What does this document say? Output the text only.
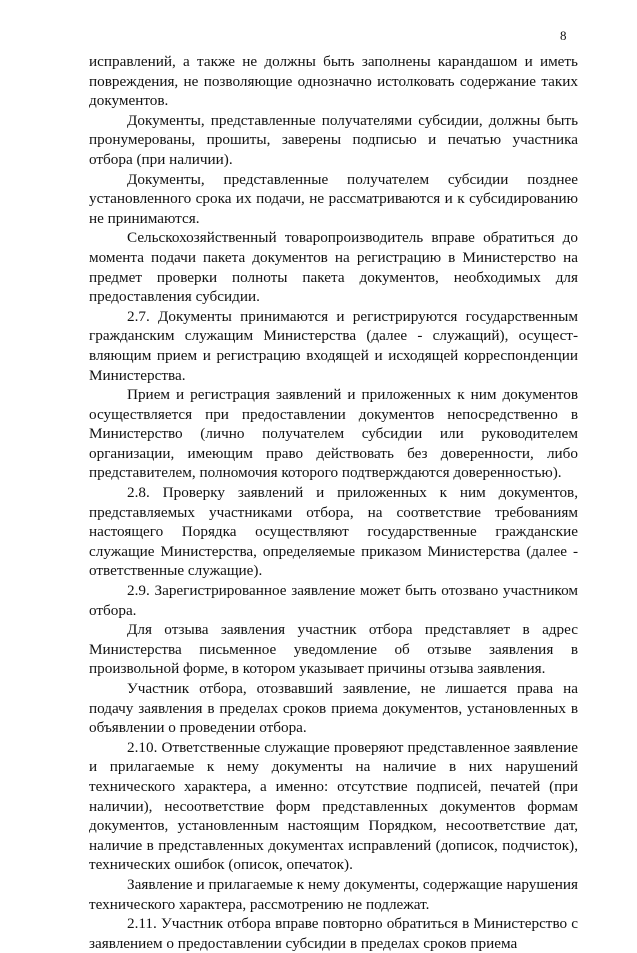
8

исправлений, а также не должны быть заполнены карандашом и иметь повреждения, не позволяющие однозначно истолковать содержание таких документов.

Документы, представленные получателями субсидии, должны быть пронумерованы, прошиты, заверены подписью и печатью участника отбора (при наличии).

Документы, представленные получателем субсидии позднее установленного срока их подачи, не рассматриваются и к субсидированию не принимаются.

Сельскохозяйственный товаропроизводитель вправе обратиться до момента подачи пакета документов на регистрацию в Министерство на предмет проверки полноты пакета документов, необходимых для предоставления субсидии.

2.7. Документы принимаются и регистрируются государственным гражданским служащим Министерства (далее - служащий), осущест-вляющим прием и регистрацию входящей и исходящей корреспонденции Министерства.

Прием и регистрация заявлений и приложенных к ним документов осуществляется при предоставлении документов непосредственно в Министерство (лично получателем субсидии или руководителем организации, имеющим право действовать без доверенности, либо представителем, полномочия которого подтверждаются доверенностью).

2.8. Проверку заявлений и приложенных к ним документов, представляемых участниками отбора, на соответствие требованиям настоящего Порядка осуществляют государственные гражданские служащие Министерства, определяемые приказом Министерства (далее - ответственные служащие).

2.9. Зарегистрированное заявление может быть отозвано участником отбора.

Для отзыва заявления участник отбора представляет в адрес Министерства письменное уведомление об отзыве заявления в произвольной форме, в котором указывает причины отзыва заявления.

Участник отбора, отозвавший заявление, не лишается права на подачу заявления в пределах сроков приема документов, установленных в объявлении о проведении отбора.

2.10. Ответственные служащие проверяют представленное заявление и прилагаемые к нему документы на наличие в них нарушений технического характера, а именно: отсутствие подписей, печатей (при наличии), несоответствие форм представленных документов формам документов, установленным настоящим Порядком, несоответствие дат, наличие в представленных документах исправлений (дописок, подчисток), технических ошибок (описок, опечаток).

Заявление и прилагаемые к нему документы, содержащие нарушения технического характера, рассмотрению не подлежат.

2.11. Участник отбора вправе повторно обратиться в Министерство с заявлением о предоставлении субсидии в пределах сроков приема
